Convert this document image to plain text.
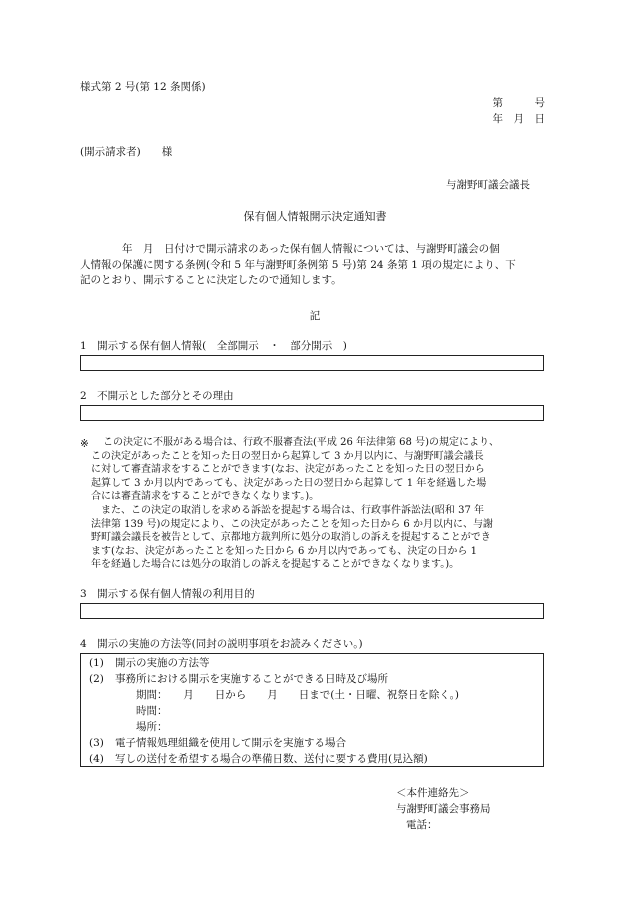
様式第 2 号(第 12 条関係)
第　　　号
年　月　日
(開示請求者)　　様
与謝野町議会議長
保有個人情報開示決定通知書
　　　　年　月　日付けで開示請求のあった保有個人情報については、与謝野町議会の個
人情報の保護に関する条例(令和 5 年与謝野町条例第 5 号)第 24 条第 1 項の規定により、下
記のとおり、開示することに決定したので通知します。
記
1　開示する保有個人情報(　全部開示　・　部分開示　)
2　不開示とした部分とその理由
※	この決定に不服がある場合は、行政不服審査法(平成 26 年法律第 68 号)の規定により、
この決定があったことを知った日の翌日から起算して 3 か月以内に、与謝野町議会議長
に対して審査請求をすることができます(なお、決定があったことを知った日の翌日から
起算して 3 か月以内であっても、決定があった日の翌日から起算して 1 年を経過した場
合には審査請求をすることができなくなります。)。
　また、この決定の取消しを求める訴訟を提起する場合は、行政事件訴訟法(昭和 37 年
法律第 139 号)の規定により、この決定があったことを知った日から 6 か月以内に、与謝
野町議会議長を被告として、京都地方裁判所に処分の取消しの訴えを提起することができ
ます(なお、決定があったことを知った日から 6 か月以内であっても、決定の日から 1
年を経過した場合には処分の取消しの訴えを提起することができなくなります。)。
3　開示する保有個人情報の利用目的
4　開示の実施の方法等(同封の説明事項をお読みください。)
(1) 開示の実施の方法等
(2) 事務所における開示を実施することができる日時及び場所
　　期間：　　月　　日から　　月　　日まで(土・日曜、祝祭日を除く。)
　　時間：
　　場所：
(3) 電子情報処理組織を使用して開示を実施する場合
(4) 写しの送付を希望する場合の準備日数、送付に要する費用(見込額)
＜本件連絡先＞
与謝野町議会事務局
電話：
